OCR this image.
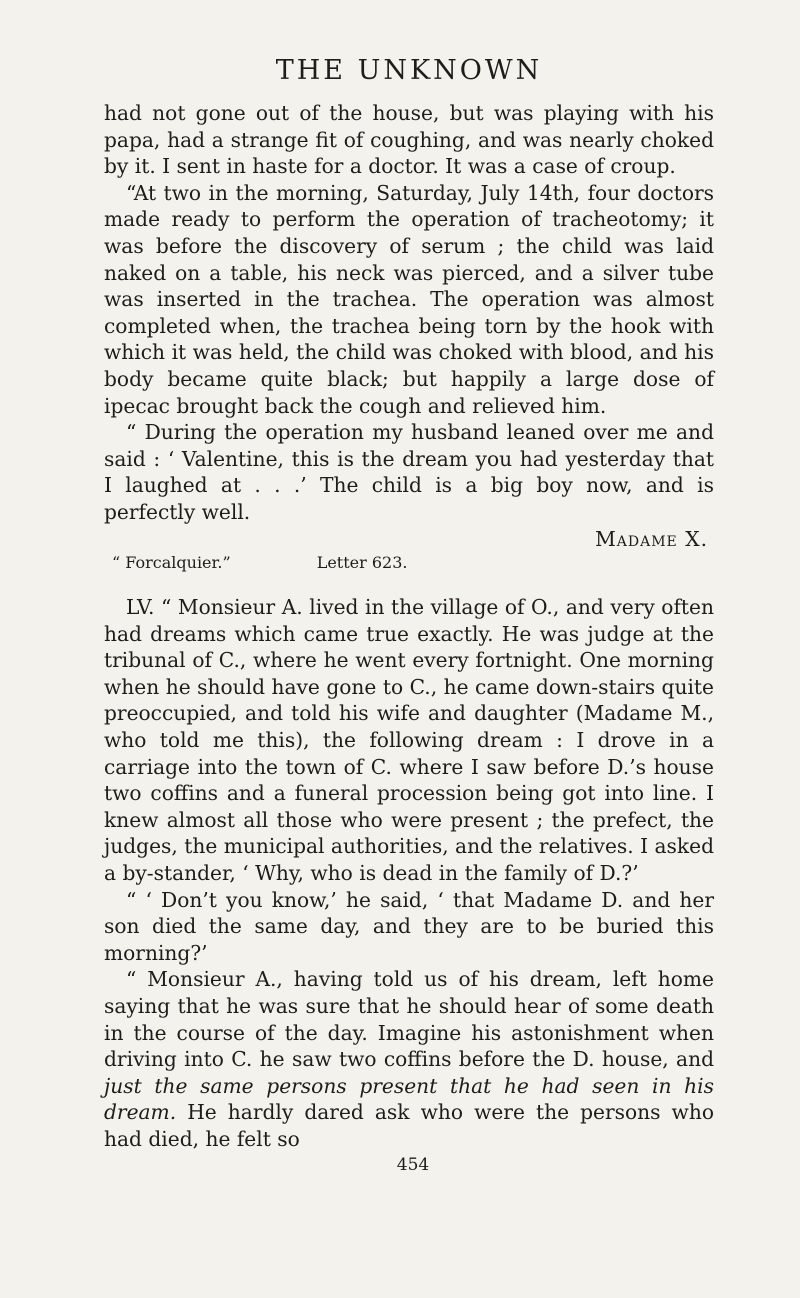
THE UNKNOWN

had not gone out of the house, but was playing with his papa, had a strange fit of coughing, and was nearly choked by it. I sent in haste for a doctor. It was a case of croup.

“At two in the morning, Saturday, July 14th, four doctors made ready to perform the operation of tracheotomy; it was before the discovery of serum ; the child was laid naked on a table, his neck was pierced, and a silver tube was inserted in the trachea. The operation was almost completed when, the trachea being torn by the hook with which it was held, the child was choked with blood, and his body became quite black; but happily a large dose of ipecac brought back the cough and relieved him.

“ During the operation my husband leaned over me and said : ‘ Valentine, this is the dream you had yesterday that I laughed at . . .’ The child is a big boy now, and is perfectly well.

Madame X.
“ Forcalquier.”	Letter 623.

LV. “ Monsieur A. lived in the village of O., and very often had dreams which came true exactly. He was judge at the tribunal of C., where he went every fortnight. One morning when he should have gone to C., he came down-stairs quite preoccupied, and told his wife and daughter (Madame M., who told me this), the following dream : I drove in a carriage into the town of C. where I saw before D.’s house two coffins and a funeral procession being got into line. I knew almost all those who were present ; the prefect, the judges, the municipal authorities, and the relatives. I asked a by-stander, ‘ Why, who is dead in the family of D.?’

“ ‘ Don’t you know,’ he said, ‘ that Madame D. and her son died the same day, and they are to be buried this morning?’

“ Monsieur A., having told us of his dream, left home saying that he was sure that he should hear of some death in the course of the day. Imagine his astonishment when driving into C. he saw two coffins before the D. house, and just the same persons present that he had seen in his dream. He hardly dared ask who were the persons who had died, he felt so

454
